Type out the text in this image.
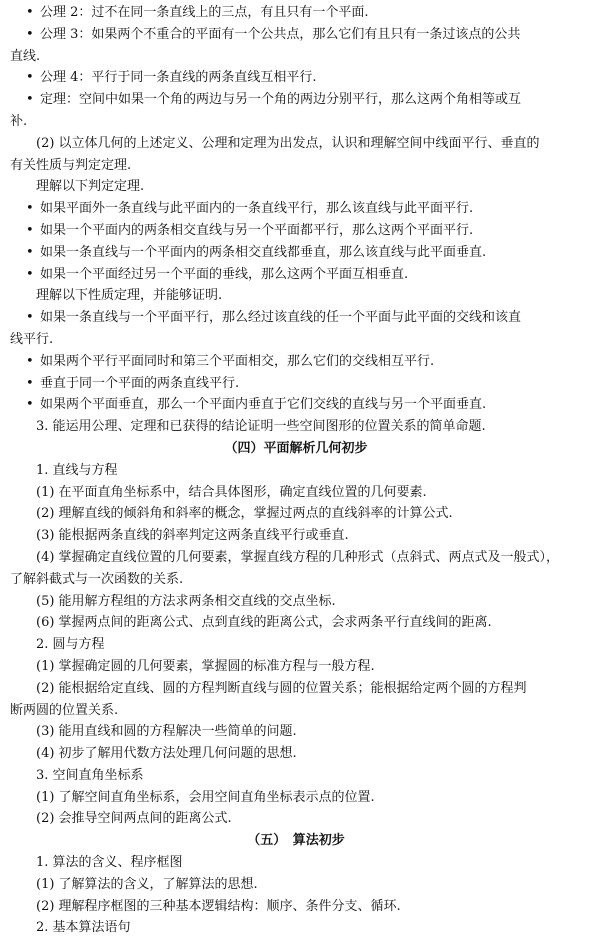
• 公理 2：过不在同一条直线上的三点，有且只有一个平面.
• 公理 3：如果两个不重合的平面有一个公共点，那么它们有且只有一条过该点的公共
直线.
• 公理 4：平行于同一条直线的两条直线互相平行.
• 定理：空间中如果一个角的两边与另一个角的两边分别平行，那么这两个角相等或互
补.
(2) 以立体几何的上述定义、公理和定理为出发点，认识和理解空间中线面平行、垂直的
有关性质与判定定理.
理解以下判定定理.
• 如果平面外一条直线与此平面内的一条直线平行，那么该直线与此平面平行.
• 如果一个平面内的两条相交直线与另一个平面都平行，那么这两个平面平行.
• 如果一条直线与一个平面内的两条相交直线都垂直，那么该直线与此平面垂直.
• 如果一个平面经过另一个平面的垂线，那么这两个平面互相垂直.
理解以下性质定理，并能够证明.
• 如果一条直线与一个平面平行，那么经过该直线的任一个平面与此平面的交线和该直
线平行.
• 如果两个平行平面同时和第三个平面相交，那么它们的交线相互平行.
• 垂直于同一个平面的两条直线平行.
• 如果两个平面垂直，那么一个平面内垂直于它们交线的直线与另一个平面垂直.
3. 能运用公理、定理和已获得的结论证明一些空间图形的位置关系的简单命题.
（四）平面解析几何初步
1. 直线与方程
(1) 在平面直角坐标系中，结合具体图形，确定直线位置的几何要素.
(2) 理解直线的倾斜角和斜率的概念，掌握过两点的直线斜率的计算公式.
(3) 能根据两条直线的斜率判定这两条直线平行或垂直.
(4) 掌握确定直线位置的几何要素，掌握直线方程的几种形式（点斜式、两点式及一般式），
了解斜截式与一次函数的关系.
(5) 能用解方程组的方法求两条相交直线的交点坐标.
(6) 掌握两点间的距离公式、点到直线的距离公式，会求两条平行直线间的距离.
2. 圆与方程
(1) 掌握确定圆的几何要素，掌握圆的标准方程与一般方程.
(2) 能根据给定直线、圆的方程判断直线与圆的位置关系；能根据给定两个圆的方程判
断两圆的位置关系.
(3) 能用直线和圆的方程解决一些简单的问题.
(4) 初步了解用代数方法处理几何问题的思想.
3. 空间直角坐标系
(1) 了解空间直角坐标系，会用空间直角坐标表示点的位置.
(2) 会推导空间两点间的距离公式.
（五）　算法初步
1. 算法的含义、程序框图
(1) 了解算法的含义，了解算法的思想.
(2) 理解程序框图的三种基本逻辑结构：顺序、条件分支、循环.
2. 基本算法语句
